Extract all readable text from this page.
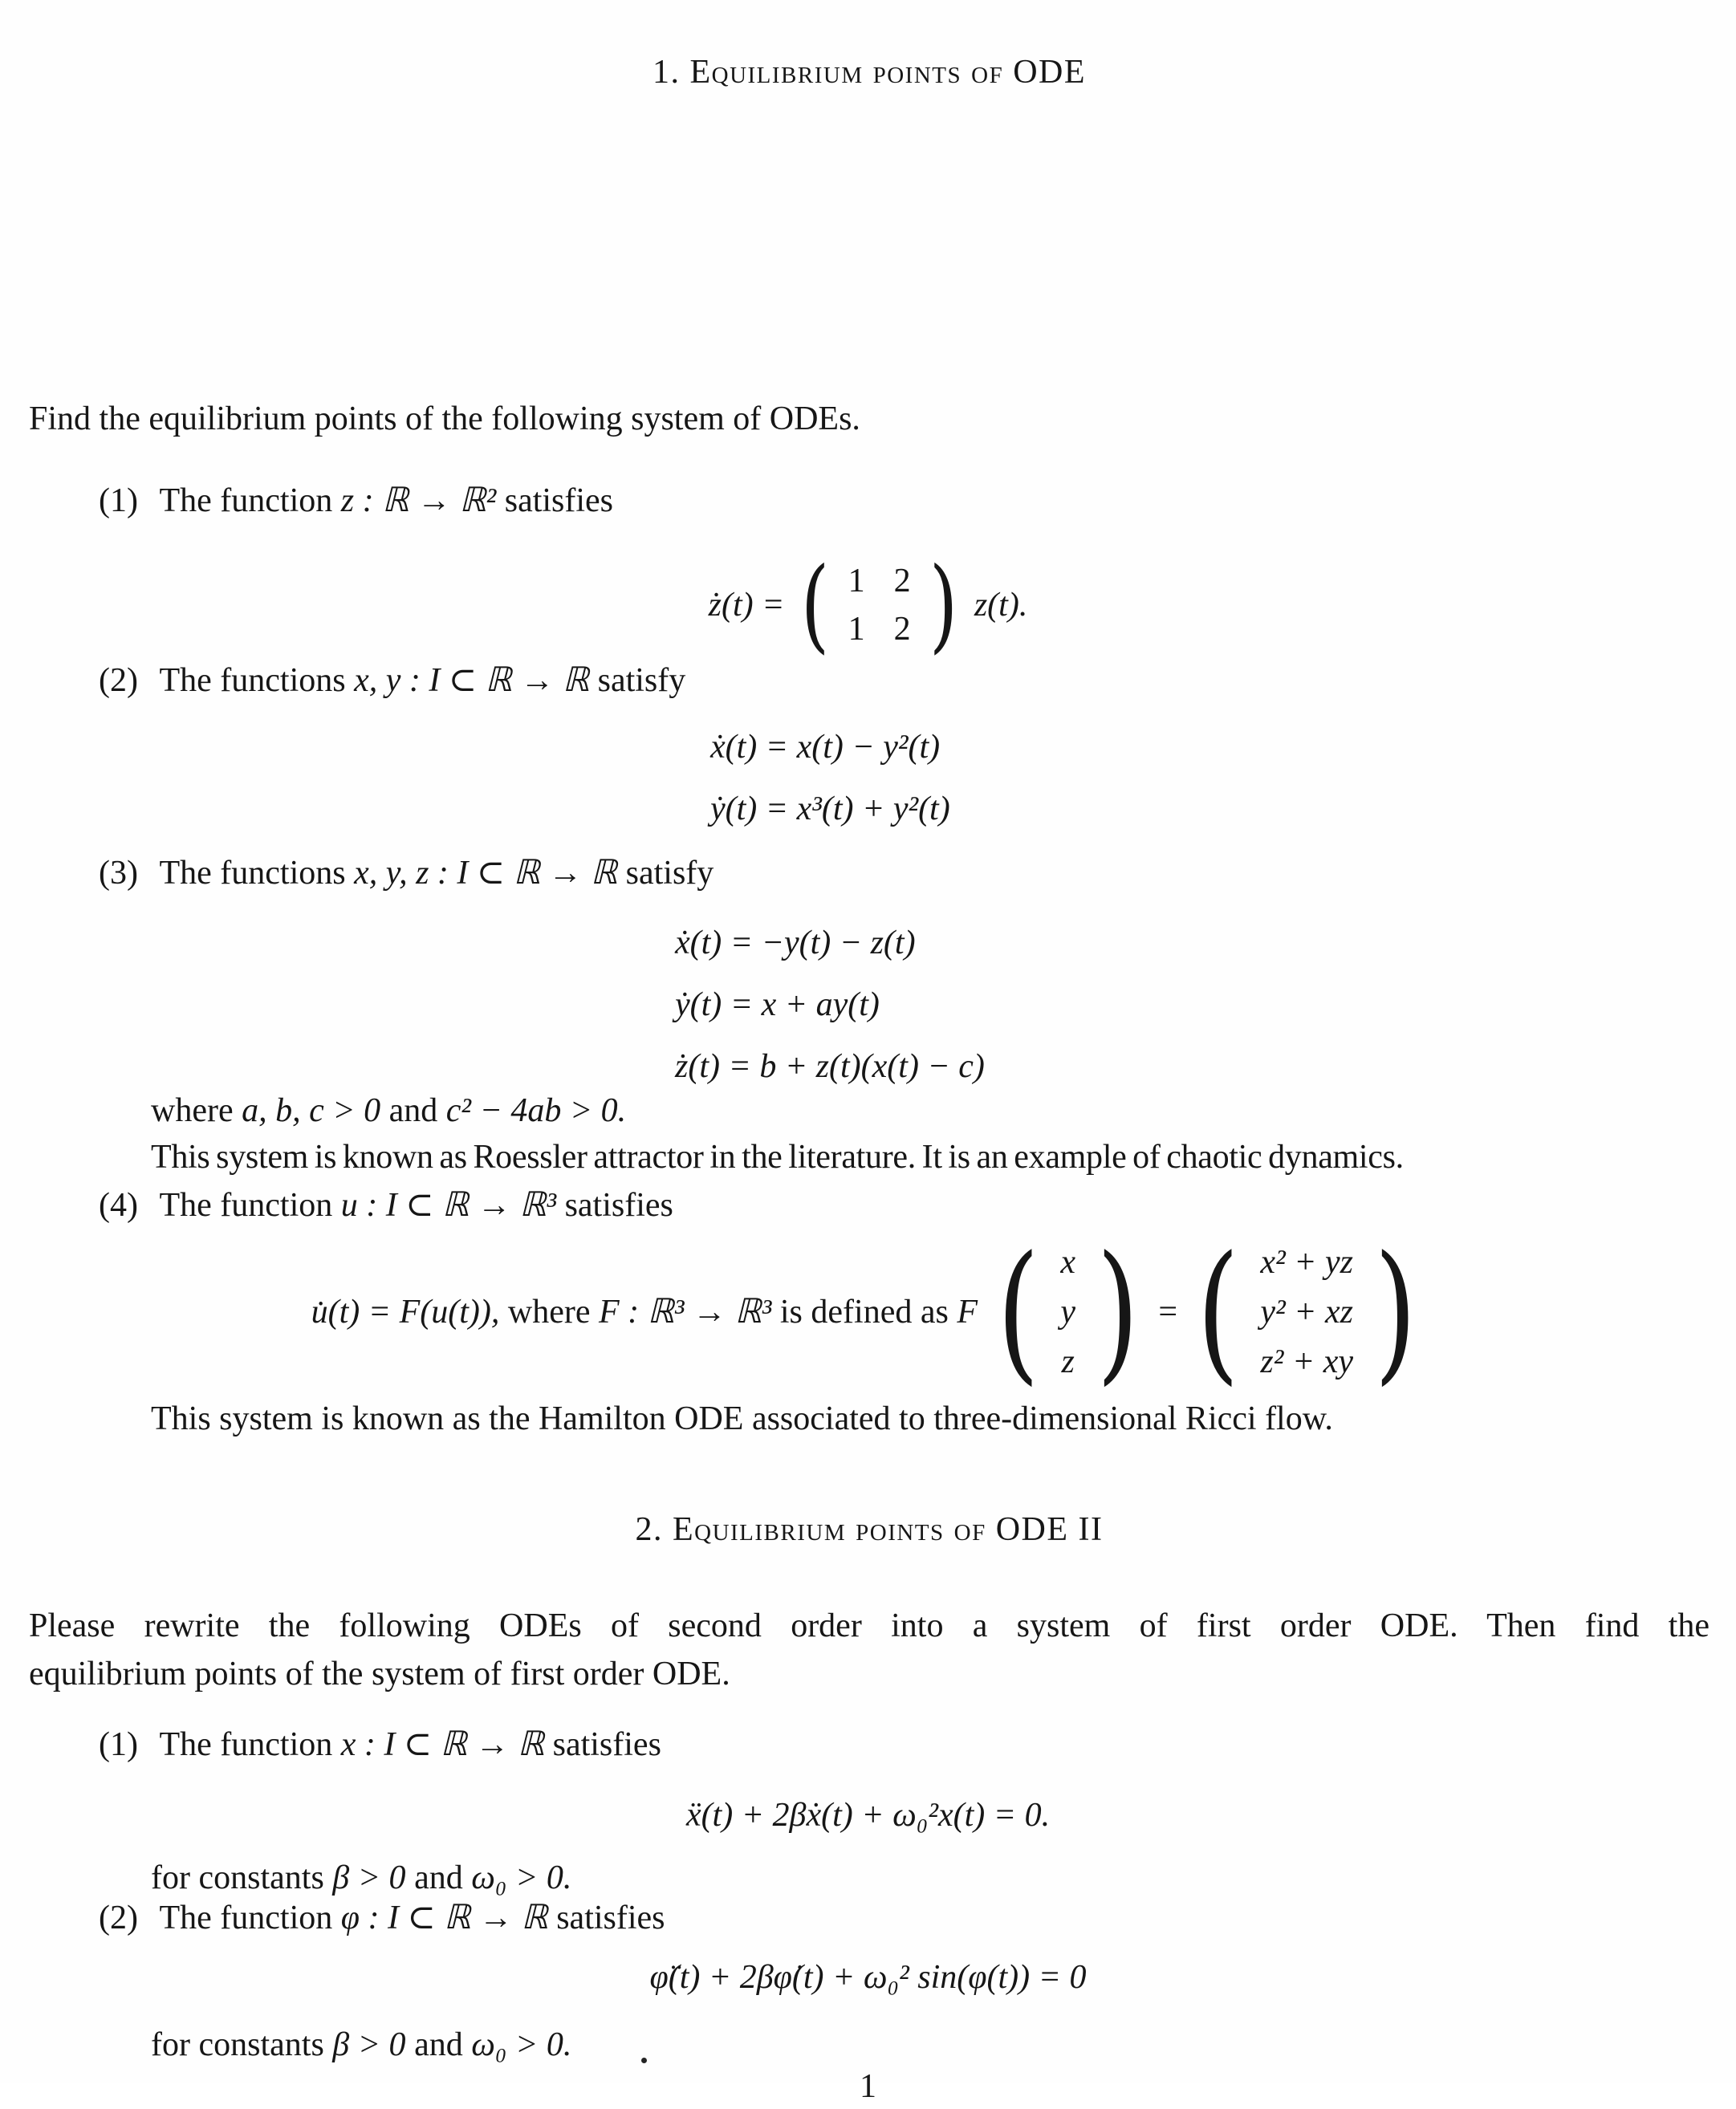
1. Equilibrium points of ODE
Find the equilibrium points of the following system of ODEs.
(1) The function z : ℝ → ℝ² satisfies
ż(t) = ( 1 2
1 2 ) z(t).
(2) The functions x, y : I ⊂ ℝ → ℝ satisfy
ẋ(t) = x(t) − y²(t)
ẏ(t) = x³(t) + y²(t)
(3) The functions x, y, z : I ⊂ ℝ → ℝ satisfy
ẋ(t) = −y(t) − z(t)
ẏ(t) = x + ay(t)
ż(t) = b + z(t)(x(t) − c)
where a, b, c > 0 and c² − 4ab > 0.
This system is known as Roessler attractor in the literature. It is an example of chaotic dynamics.
(4) The function u : I ⊂ ℝ → ℝ³ satisfies
u̇(t) = F(u(t)), where F : ℝ³ → ℝ³ is defined as F ( x
y
z ) = ( x² + yz
y² + xz
z² + xy )
This system is known as the Hamilton ODE associated to three-dimensional Ricci flow.
2. Equilibrium points of ODE II
Please rewrite the following ODEs of second order into a system of first order ODE. Then find the
equilibrium points of the system of first order ODE.
(1) The function x : I ⊂ ℝ → ℝ satisfies
ẍ(t) + 2βẋ(t) + ω₀²x(t) = 0.
for constants β > 0 and ω₀ > 0.
(2) The function φ : I ⊂ ℝ → ℝ satisfies
φ̈(t) + 2βφ̇(t) + ω₀² sin(φ(t)) = 0
for constants β > 0 and ω₀ > 0.
1
